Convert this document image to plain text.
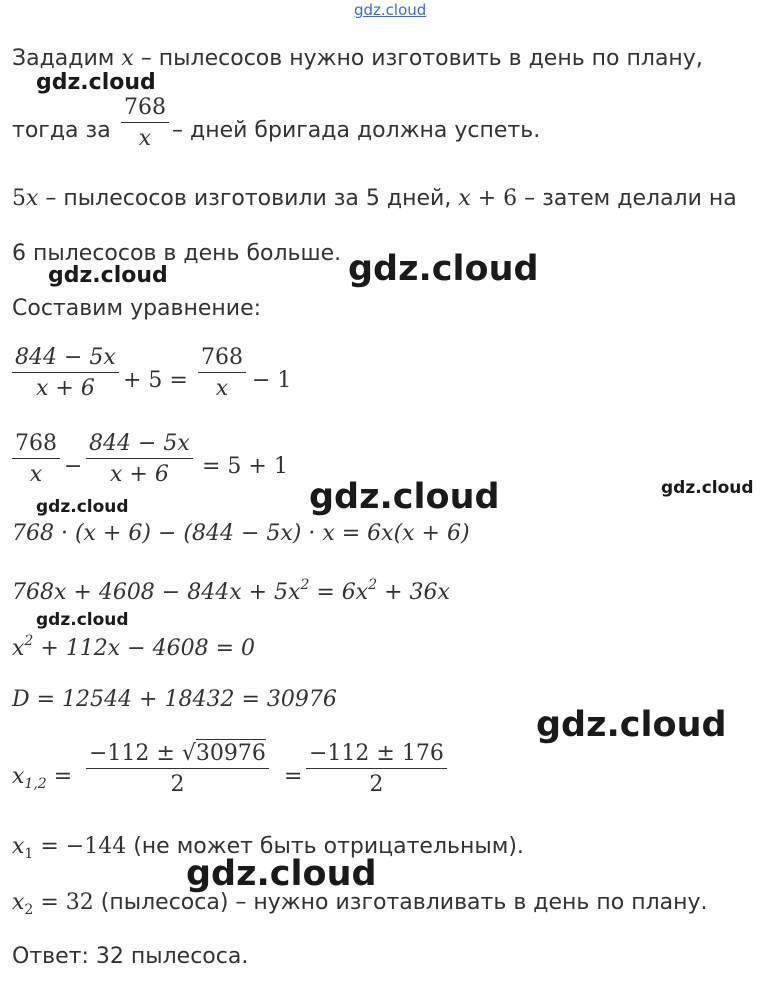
gdz.cloud
Зададим x – пылесосов нужно изготовить в день по плану,
тогда за $\frac{768}{x}$ – дней бригада должна успеть.
5x – пылесосов изготовили за 5 дней, x + 6 – затем делали на
6 пылесосов в день больше.
Составим уравнение:
$\frac{844 - 5x}{x + 6} + 5 = \frac{768}{x} - 1$
$\frac{768}{x} - \frac{844 - 5x}{x + 6} = 5 + 1$
768 · (x + 6) − (844 − 5x) · x = 6x(x + 6)
$768x + 4608 - 844x + 5x^2 = 6x^2 + 36x$
$x^2 + 112x - 4608 = 0$
D = 12544 + 18432 = 30976
$x_{1,2} = \frac{-112 \pm √30976}{2} = \frac{-112 \pm 176}{2}$
$x_1 = -144$ (не может быть отрицательным).
$x_2 = 32$ (пылесоса) – нужно изготавливать в день по плану.
Ответ: 32 пылесоса.
gdz.cloud
gdz.cloud	gdz.cloud
gdz.cloud	gdz.cloud	gdz.cloud
gdz.cloud
gdz.cloud
gdz.cloud
